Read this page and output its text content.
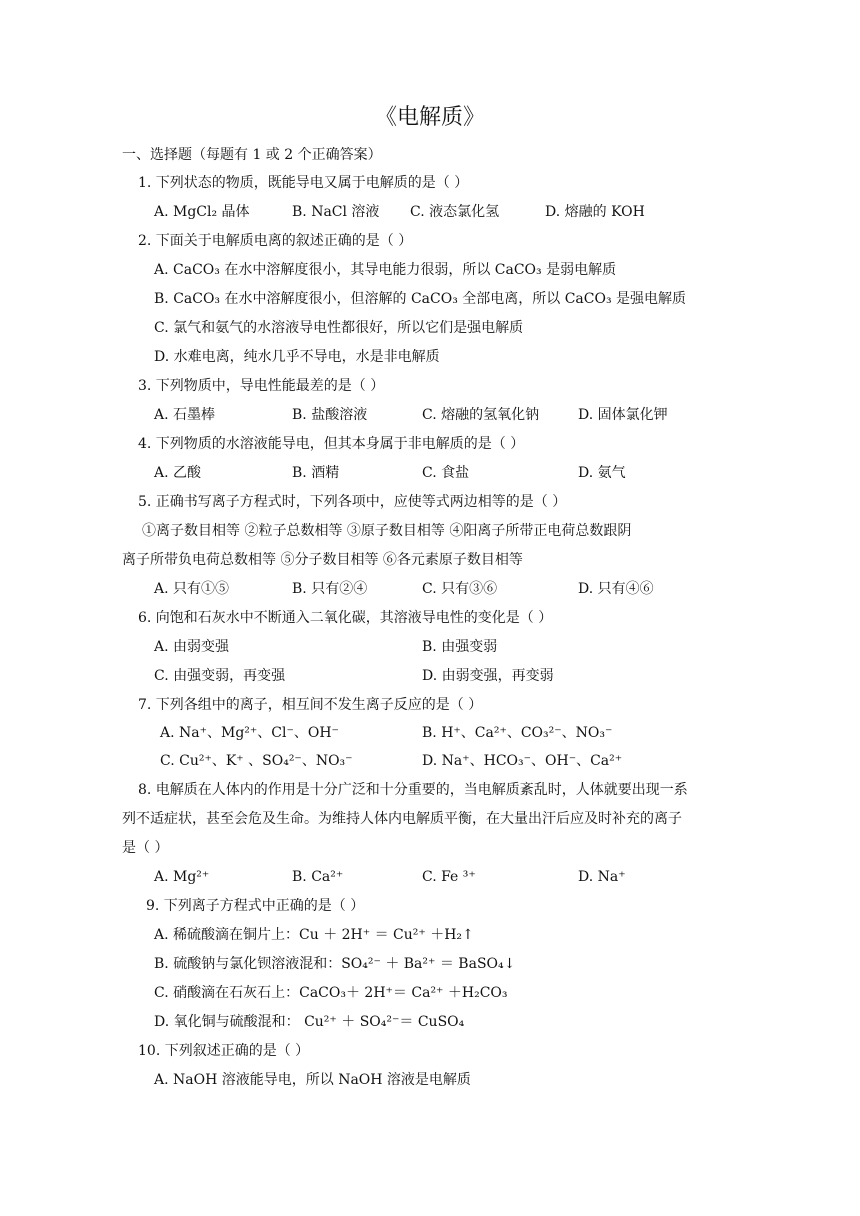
《电解质》
一、选择题（每题有 1 或 2 个正确答案）
1. 下列状态的物质，既能导电又属于电解质的是（ ）
A. MgCl₂ 晶体	B. NaCl 溶液 C. 液态氯化氢	D. 熔融的 KOH
2. 下面关于电解质电离的叙述正确的是（ ）
A. CaCO₃ 在水中溶解度很小，其导电能力很弱，所以 CaCO₃ 是弱电解质
B. CaCO₃ 在水中溶解度很小，但溶解的 CaCO₃ 全部电离，所以 CaCO₃ 是强电解质
C. 氯气和氨气的水溶液导电性都很好，所以它们是强电解质
D. 水难电离，纯水几乎不导电，水是非电解质
3. 下列物质中，导电性能最差的是（ ）
A. 石墨棒	B. 盐酸溶液	C. 熔融的氢氧化钠	D. 固体氯化钾
4. 下列物质的水溶液能导电，但其本身属于非电解质的是（ ）
A. 乙酸	B. 酒精	C. 食盐	D. 氨气
5. 正确书写离子方程式时，下列各项中，应使等式两边相等的是（ ）
①离子数目相等 ②粒子总数相等 ③原子数目相等 ④阳离子所带正电荷总数跟阴
离子所带负电荷总数相等 ⑤分子数目相等 ⑥各元素原子数目相等
A. 只有①⑤	B. 只有②④	C. 只有③⑥	D. 只有④⑥
6. 向饱和石灰水中不断通入二氧化碳，其溶液导电性的变化是（ ）
A. 由弱变强	B. 由强变弱
C. 由强变弱，再变强	D. 由弱变强，再变弱
7. 下列各组中的离子，相互间不发生离子反应的是（ ）
A. Na⁺、Mg²⁺、Cl⁻、OH⁻	B. H⁺、Ca²⁺、CO₃²⁻、NO₃⁻
C. Cu²⁺、K⁺ 、SO₄²⁻、NO₃⁻	D. Na⁺、HCO₃⁻、OH⁻、Ca²⁺
8. 电解质在人体内的作用是十分广泛和十分重要的，当电解质紊乱时，人体就要出现一系
列不适症状，甚至会危及生命。为维持人体内电解质平衡，在大量出汗后应及时补充的离子
是（ ）
A. Mg²⁺	B. Ca²⁺	C. Fe ³⁺	D. Na⁺
9. 下列离子方程式中正确的是（ ）
A. 稀硫酸滴在铜片上：Cu ＋ 2H⁺ ＝ Cu²⁺ ＋H₂↑
B. 硫酸钠与氯化钡溶液混和：SO₄²⁻ ＋ Ba²⁺ ＝ BaSO₄↓
C. 硝酸滴在石灰石上：CaCO₃＋ 2H⁺＝ Ca²⁺ ＋H₂CO₃
D. 氧化铜与硫酸混和： Cu²⁺ ＋ SO₄²⁻＝ CuSO₄
10. 下列叙述正确的是（ ）
A. NaOH 溶液能导电，所以 NaOH 溶液是电解质
